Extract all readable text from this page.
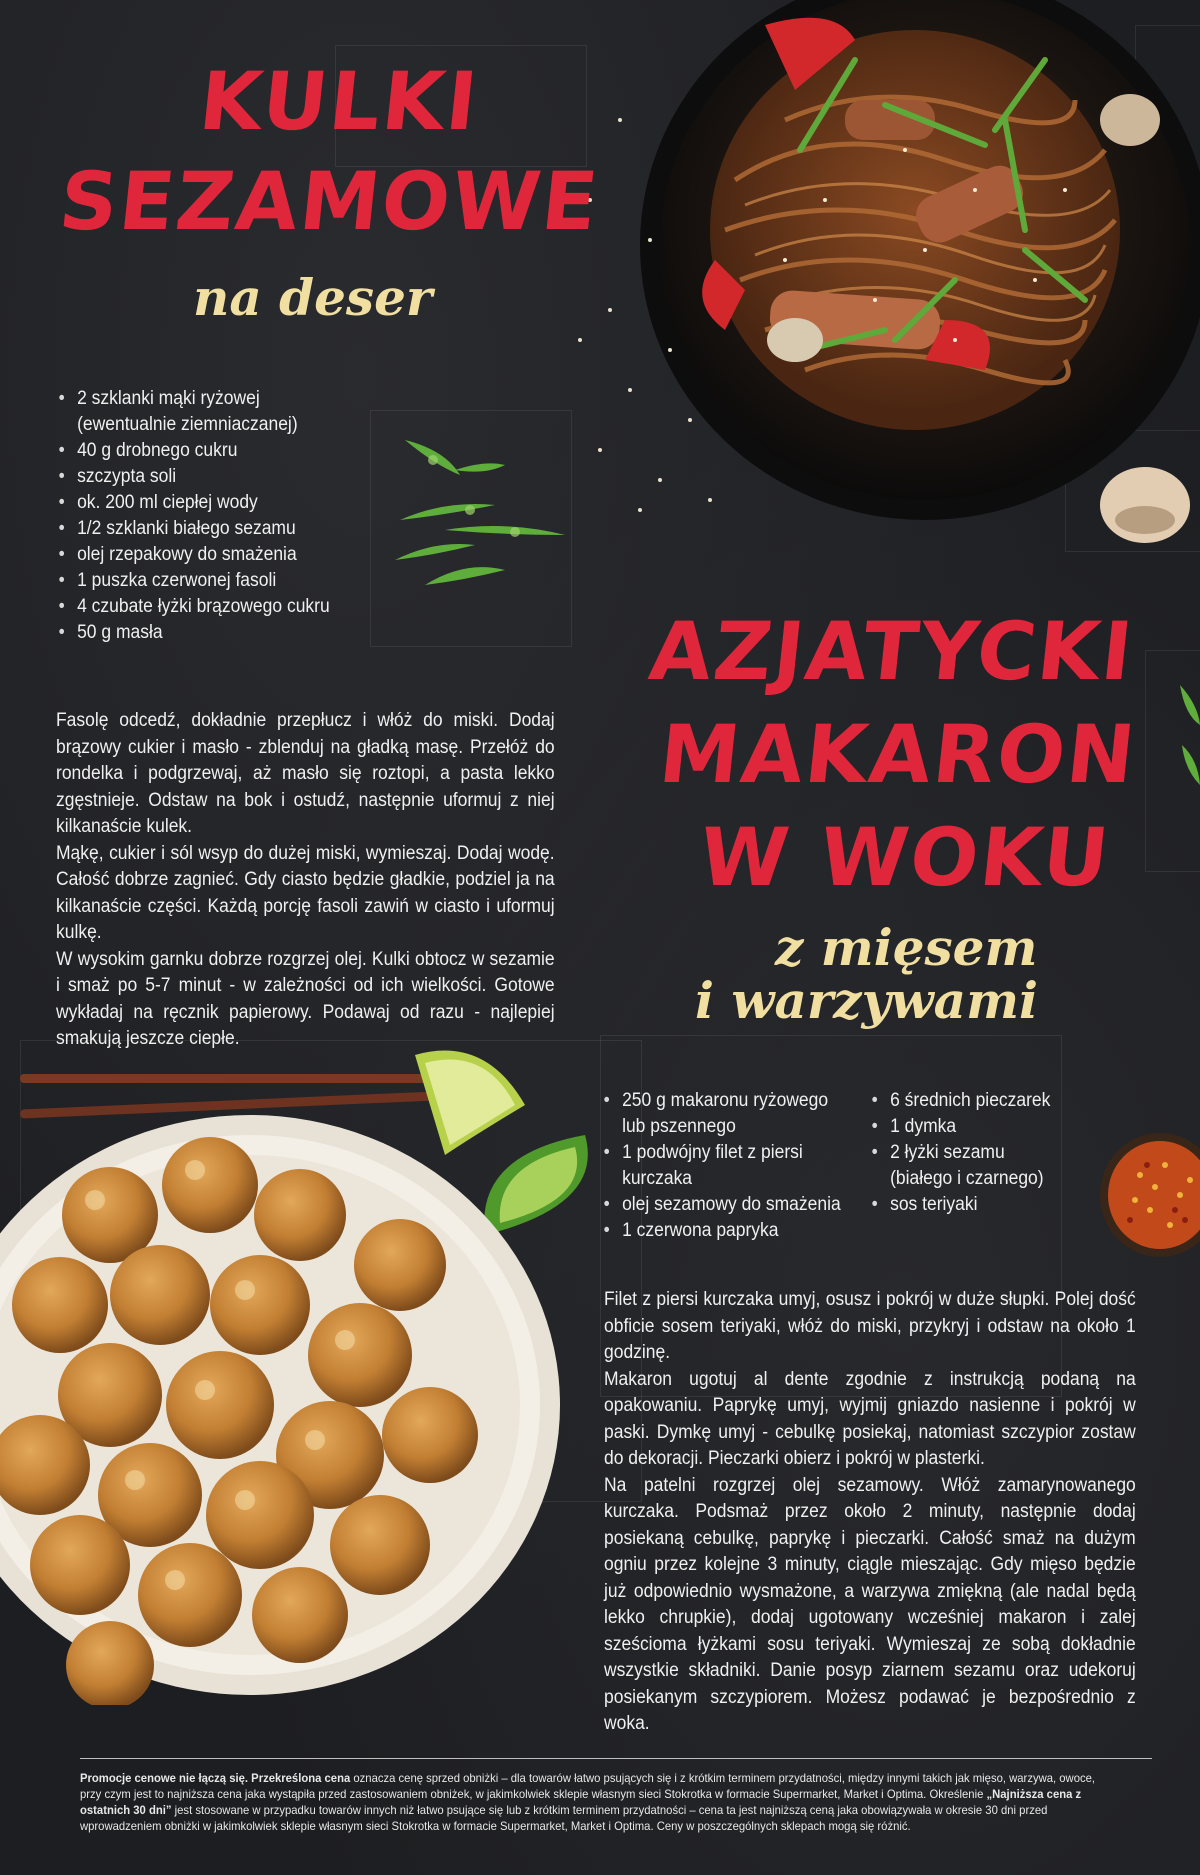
KULKI
SEZAMOWE
na deser
• 2 szklanki mąki ryżowej
(ewentualnie ziemniaczanej)
• 40 g drobnego cukru
• szczypta soli
• ok. 200 ml ciepłej wody
• 1/2 szklanki białego sezamu
• olej rzepakowy do smażenia
• 1 puszka czerwonej fasoli
• 4 czubate łyżki brązowego cukru
• 50 g masła

Fasolę odcedź, dokładnie przepłucz i włóż do miski. Dodaj brązowy cukier i masło - zblenduj na gładką masę. Przełóż do rondelka i podgrzewaj, aż masło się roztopi, a pasta lekko zgęstnieje. Odstaw na bok i ostudź, następnie uformuj z niej kilkanaście kulek.

Mąkę, cukier i sól wsyp do dużej miski, wymieszaj. Dodaj wodę. Całość dobrze zagnieć. Gdy ciasto będzie gładkie, podziel ja na kilkanaście części. Każdą porcję fasoli zawiń w ciasto i uformuj kulkę.

W wysokim garnku dobrze rozgrzej olej. Kulki obtocz w sezamie i smaż po 5-7 minut - w zależności od ich wielkości. Gotowe wykładaj na ręcznik papierowy. Podawaj od razu - najlepiej smakują jeszcze ciepłe.

AZJATYCKI
MAKARON
W WOKU
z mięsem
i warzywami
• 250 g makaronu ryżowego
lub pszennego
• 1 podwójny filet z piersi
kurczaka
• olej sezamowy do smażenia
• 1 czerwona papryka
• 6 średnich pieczarek
• 1 dymka
• 2 łyżki sezamu
(białego i czarnego)
• sos teriyaki

Filet z piersi kurczaka umyj, osusz i pokrój w duże słupki. Polej dość obficie sosem teriyaki, włóż do miski, przykryj i odstaw na około 1 godzinę.

Makaron ugotuj al dente zgodnie z instrukcją podaną na opakowaniu. Paprykę umyj, wyjmij gniazdo nasienne i pokrój w paski. Dymkę umyj - cebulkę posiekaj, natomiast szczypior zostaw do dekoracji. Pieczarki obierz i pokrój w plasterki.

Na patelni rozgrzej olej sezamowy. Włóż zamarynowanego kurczaka. Podsmaż przez około 2 minuty, następnie dodaj posiekaną cebulkę, paprykę i pieczarki. Całość smaż na dużym ogniu przez kolejne 3 minuty, ciągle mieszając. Gdy mięso będzie już odpowiednio wysmażone, a warzywa zmiękną (ale nadal będą lekko chrupkie), dodaj ugotowany wcześniej makaron i zalej sześcioma łyżkami sosu teriyaki. Wymieszaj ze sobą dokładnie wszystkie składniki. Danie posyp ziarnem sezamu oraz udekoruj posiekanym szczypiorem. Możesz podawać je bezpośrednio z woka.

Promocje cenowe nie łączą się. Przekreślona cena oznacza cenę sprzed obniżki – dla towarów łatwo psujących się i z krótkim terminem przydatności, między innymi takich jak mięso, warzywa, owoce, przy czym jest to najniższa cena jaka wystąpiła przed zastosowaniem obniżek, w jakimkolwiek sklepie własnym sieci Stokrotka w formacie Supermarket, Market i Optima. Określenie „Najniższa cena z ostatnich 30 dni” jest stosowane w przypadku towarów innych niż łatwo psujące się lub z krótkim terminem przydatności – cena ta jest najniższą ceną jaka obowiązywała w okresie 30 dni przed wprowadzeniem obniżki w jakimkolwiek sklepie własnym sieci Stokrotka w formacie Supermarket, Market i Optima. Ceny w poszczególnych sklepach mogą się różnić.
